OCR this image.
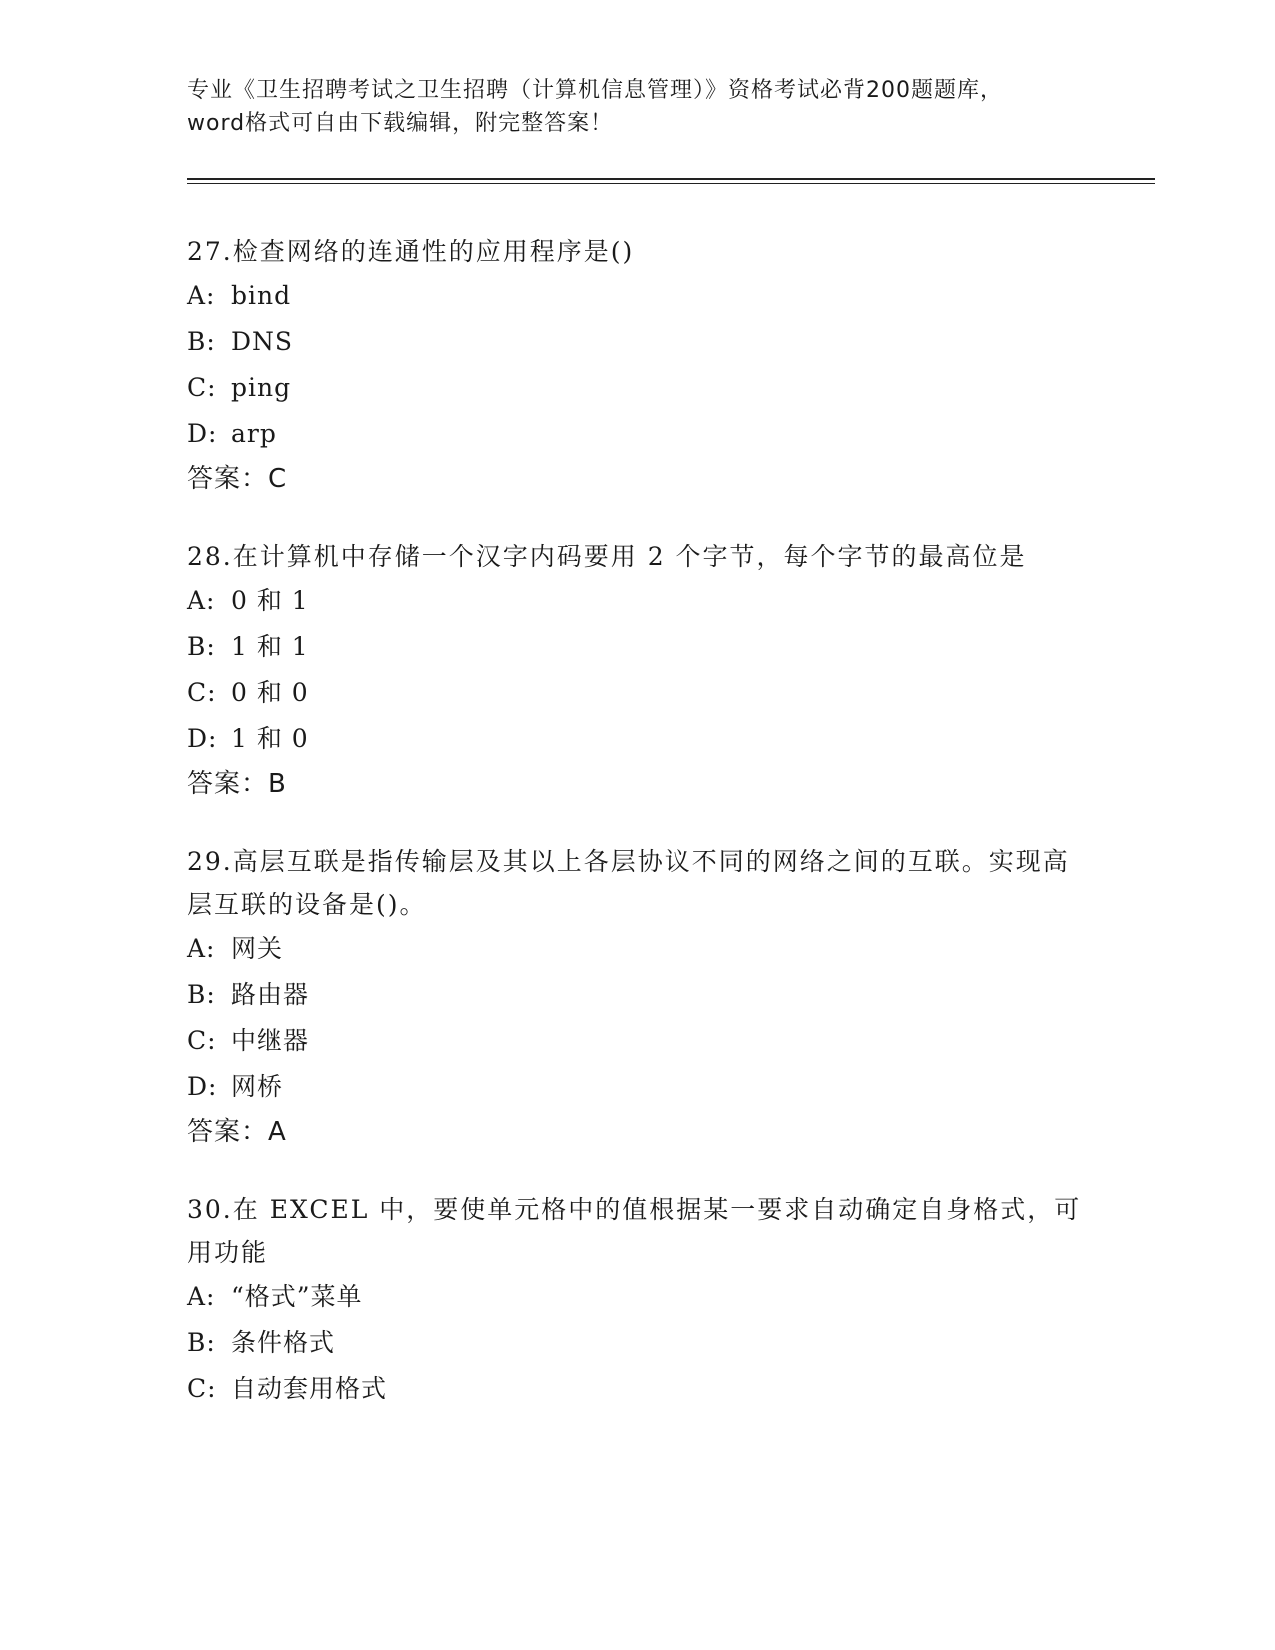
专业《卫生招聘考试之卫生招聘（计算机信息管理）》资格考试必背200题题库，
word格式可自由下载编辑，附完整答案！
27.检查网络的连通性的应用程序是()
A: bind
B: DNS
C: ping
D: arp
答案：C
28.在计算机中存储一个汉字内码要用 2 个字节，每个字节的最高位是
A: 0 和 1
B: 1 和 1
C: 0 和 0
D: 1 和 0
答案：B
29.高层互联是指传输层及其以上各层协议不同的网络之间的互联。实现高层互联的设备是()。
A: 网关
B: 路由器
C: 中继器
D: 网桥
答案：A
30.在 EXCEL 中，要使单元格中的值根据某一要求自动确定自身格式，可用功能
A: “格式”菜单
B: 条件格式
C: 自动套用格式
